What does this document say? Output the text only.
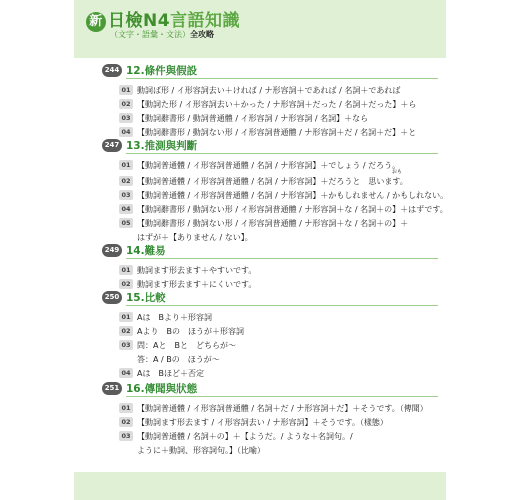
新 日檢N4言語知識
（文字・語彙・文法）全攻略
244 12.條件與假設
01 動詞ば形 / イ形容詞去い＋ければ / ナ形容詞＋であれば / 名詞＋であれば
02 【動詞た形 / イ形容詞去い＋かった / ナ形容詞＋だった / 名詞＋だった】＋ら
03 【動詞辭書形 / 動詞普通體 / イ形容詞 / ナ形容詞 / 名詞】＋なら
04 【動詞辭書形 / 動詞ない形 / イ形容詞普通體 / ナ形容詞＋だ / 名詞＋だ】＋と
247 13.推測與判斷
01 【動詞普通體 / イ形容詞普通體 / 名詞 / ナ形容詞】＋でしょう / だろう。
おも
02 【動詞普通體 / イ形容詞普通體 / 名詞 / ナ形容詞】＋だろうと　思います。
03 【動詞普通體 / イ形容詞普通體 / 名詞 / ナ形容詞】＋かもしれません / かもしれない。
04 【動詞辭書形 / 動詞ない形 / イ形容詞普通體 / ナ形容詞＋な / 名詞＋の】＋はずです。
05 【動詞辭書形 / 動詞ない形 / イ形容詞普通體 / ナ形容詞＋な / 名詞＋の】＋
はずが＋【ありません / ない】。
249 14.難易
01 動詞ます形去ます＋やすいです。
02 動詞ます形去ます＋にくいです。
250 15.比較
01 Aは　Bより＋形容詞
02 Aより　Bの　ほうが＋形容詞
03 問：Aと　Bと　どちらが～
答：A / Bの　ほうが～
04 Aは　Bほど＋否定
251 16.傳聞與狀態
01 【動詞普通體 / イ形容詞普通體 / 名詞＋だ / ナ形容詞＋だ】＋そうです。（傳聞）
02 【動詞ます形去ます / イ形容詞去い / ナ形容詞】＋そうです。（樣態）
03 【動詞普通體 / 名詞＋の】＋【ようだ。/ ような＋名詞句。/
ように＋動詞、形容詞句。】（比喻）
